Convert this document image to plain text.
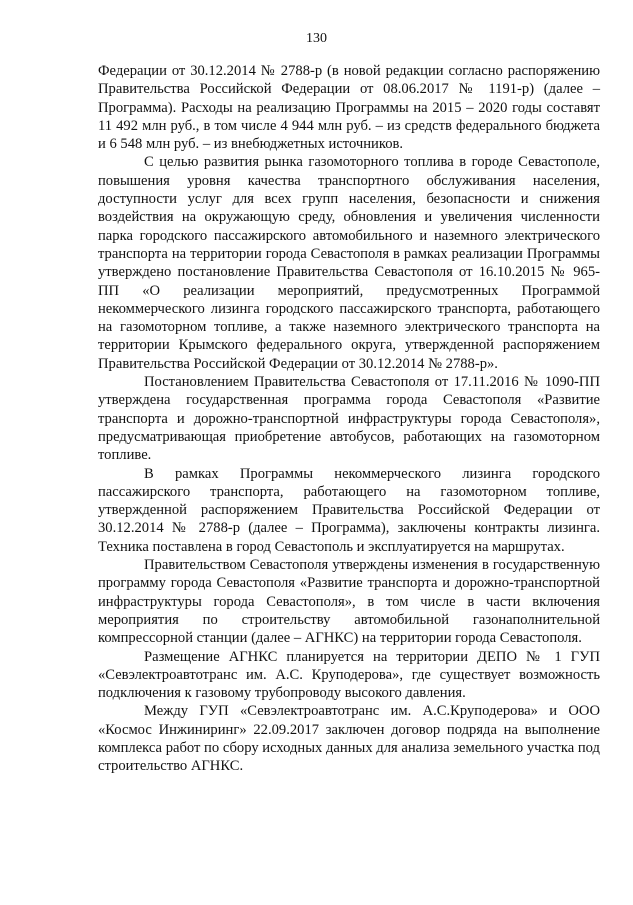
130

Федерации от 30.12.2014 № 2788-р (в новой редакции согласно распоряжению Правительства Российской Федерации от 08.06.2017 № 1191-р) (далее – Программа). Расходы на реализацию Программы на 2015 – 2020 годы составят 11 492 млн руб., в том числе 4 944 млн руб. – из средств федерального бюджета и 6 548 млн руб. – из внебюджетных источников.

С целью развития рынка газомоторного топлива в городе Севастополе, повышения уровня качества транспортного обслуживания населения, доступности услуг для всех групп населения, безопасности и снижения воздействия на окружающую среду, обновления и увеличения численности парка городского пассажирского автомобильного и наземного электрического транспорта на территории города Севастополя в рамках реализации Программы утверждено постановление Правительства Севастополя от 16.10.2015 № 965-ПП «О реализации мероприятий, предусмотренных Программой некоммерческого лизинга городского пассажирского транспорта, работающего на газомоторном топливе, а также наземного электрического транспорта на территории Крымского федерального округа, утвержденной распоряжением Правительства Российской Федерации от 30.12.2014 № 2788-р».

Постановлением Правительства Севастополя от 17.11.2016 № 1090-ПП утверждена государственная программа города Севастополя «Развитие транспорта и дорожно-транспортной инфраструктуры города Севастополя», предусматривающая приобретение автобусов, работающих на газомоторном топливе.

В рамках Программы некоммерческого лизинга городского пассажирского транспорта, работающего на газомоторном топливе, утвержденной распоряжением Правительства Российской Федерации от 30.12.2014 № 2788-р (далее – Программа), заключены контракты лизинга. Техника поставлена в город Севастополь и эксплуатируется на маршрутах.

Правительством Севастополя утверждены изменения в государственную программу города Севастополя «Развитие транспорта и дорожно-транспортной инфраструктуры города Севастополя», в том числе в части включения мероприятия по строительству автомобильной газонаполнительной компрессорной станции (далее – АГНКС) на территории города Севастополя.

Размещение АГНКС планируется на территории ДЕПО № 1 ГУП «Севэлектроавтотранс им. А.С. Круподерова», где существует возможность подключения к газовому трубопроводу высокого давления.

Между ГУП «Севэлектроавтотранс им. А.С.Круподерова» и ООО «Космос Инжиниринг» 22.09.2017 заключен договор подряда на выполнение комплекса работ по сбору исходных данных для анализа земельного участка под строительство АГНКС.
